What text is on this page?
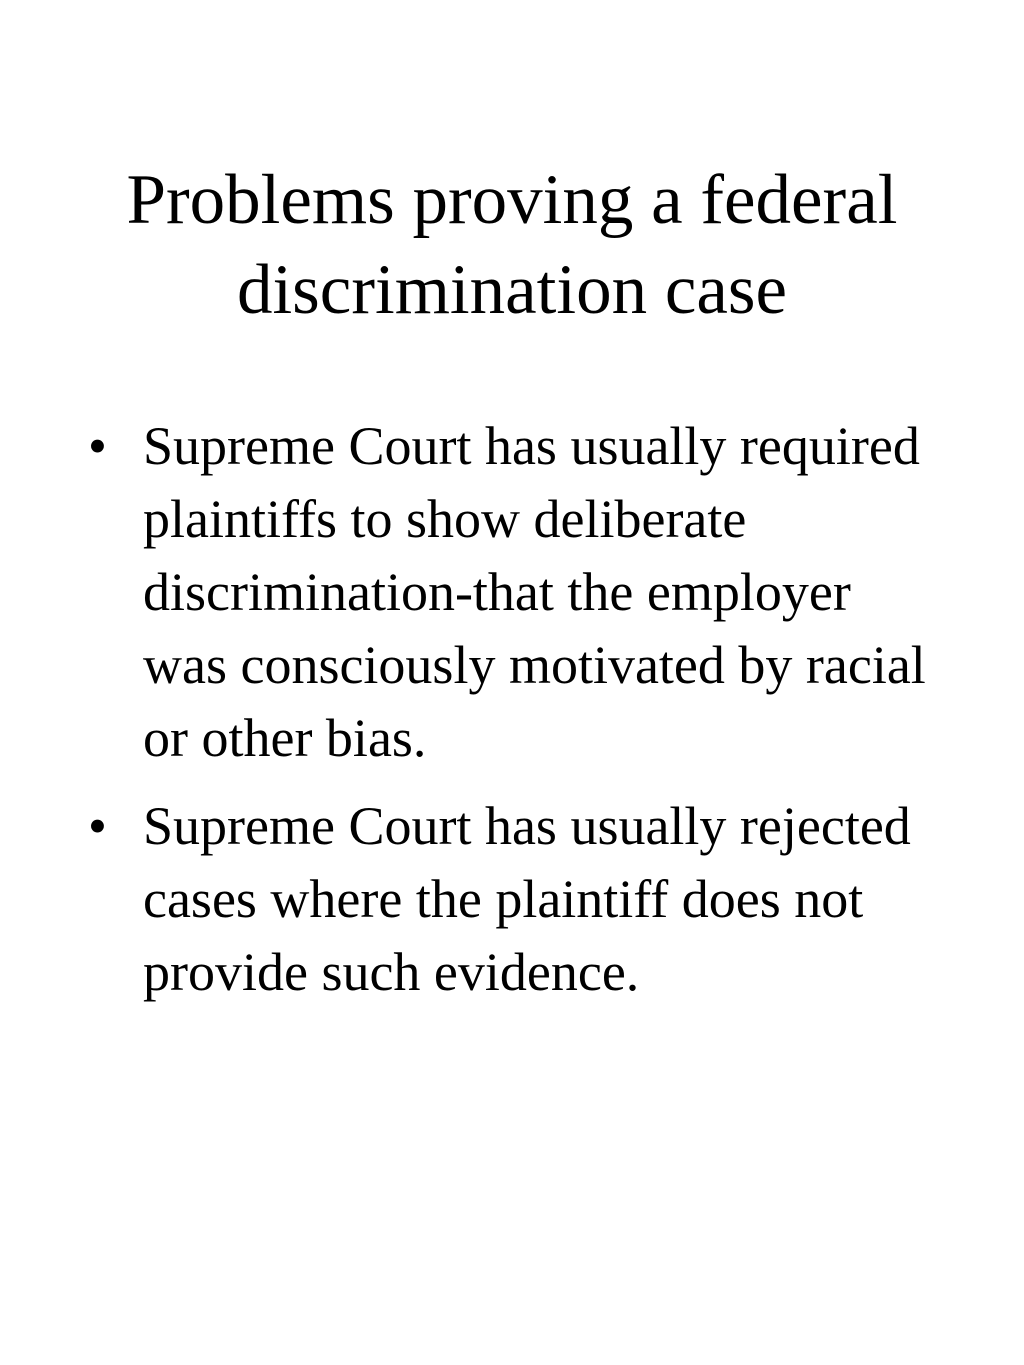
Problems proving a federal discrimination case
• Supreme Court has usually required plaintiffs to show deliberate discrimination-that the employer was consciously motivated by racial or other bias.
• Supreme Court has usually rejected cases where the plaintiff does not provide such evidence.
